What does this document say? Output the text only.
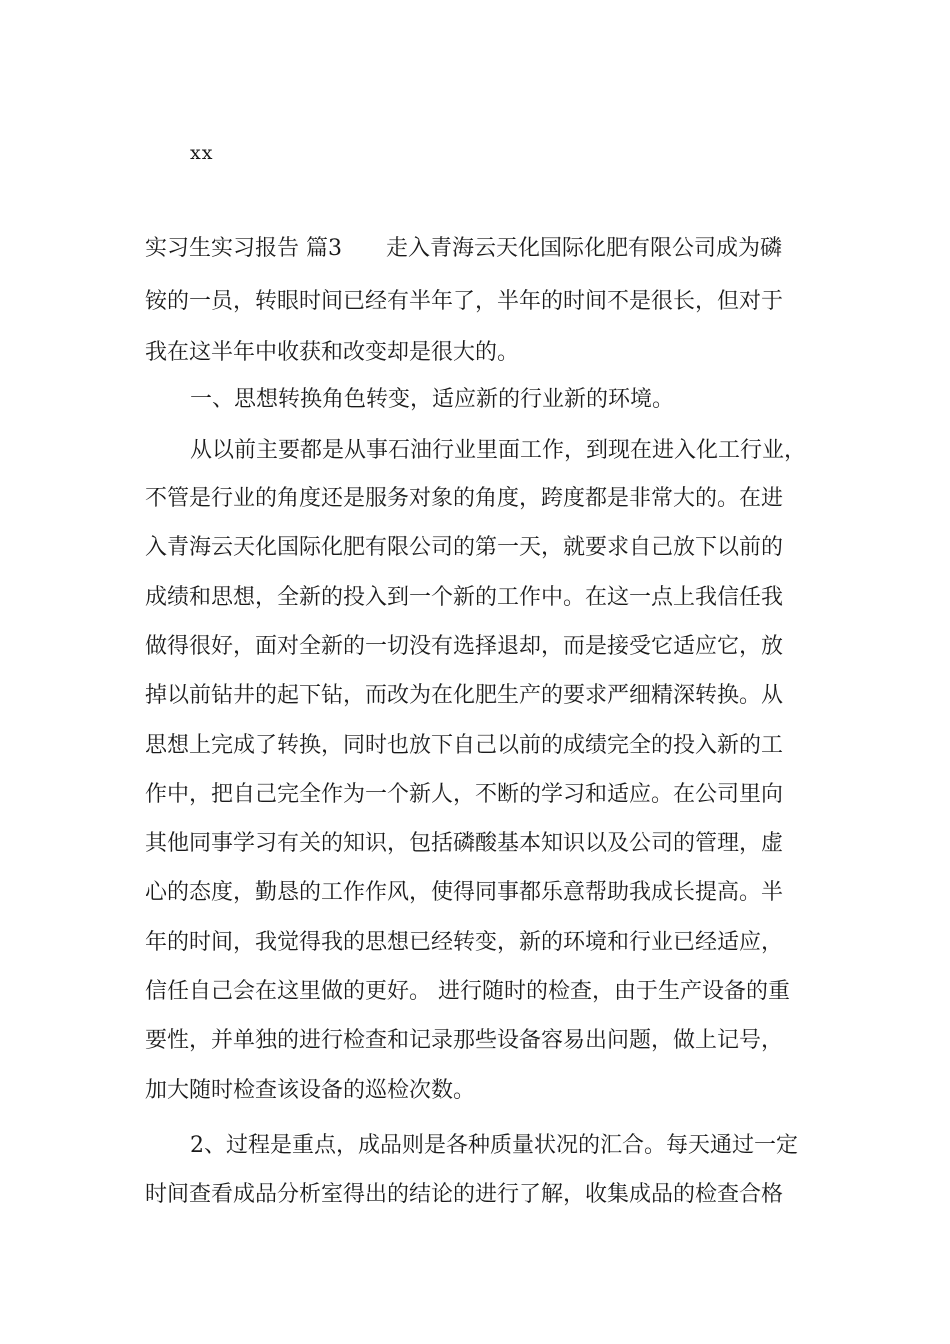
xx
实习生实习报告 篇3　　走入青海云天化国际化肥有限公司成为磷
铵的一员，转眼时间已经有半年了，半年的时间不是很长，但对于
我在这半年中收获和改变却是很大的。
一、思想转换角色转变，适应新的行业新的环境。
从以前主要都是从事石油行业里面工作，到现在进入化工行业，
不管是行业的角度还是服务对象的角度，跨度都是非常大的。在进
入青海云天化国际化肥有限公司的第一天，就要求自己放下以前的
成绩和思想，全新的投入到一个新的工作中。在这一点上我信任我
做得很好，面对全新的一切没有选择退却，而是接受它适应它，放
掉以前钻井的起下钻，而改为在化肥生产的要求严细精深转换。从
思想上完成了转换，同时也放下自己以前的成绩完全的投入新的工
作中，把自己完全作为一个新人，不断的学习和适应。在公司里向
其他同事学习有关的知识，包括磷酸基本知识以及公司的管理，虚
心的态度，勤恳的工作作风，使得同事都乐意帮助我成长提高。半
年的时间，我觉得我的思想已经转变，新的环境和行业已经适应，
信任自己会在这里做的更好。 进行随时的检查，由于生产设备的重
要性，并单独的进行检查和记录那些设备容易出问题，做上记号，
加大随时检查该设备的巡检次数。
2、过程是重点，成品则是各种质量状况的汇合。每天通过一定
时间查看成品分析室得出的结论的进行了解，收集成品的检查合格
